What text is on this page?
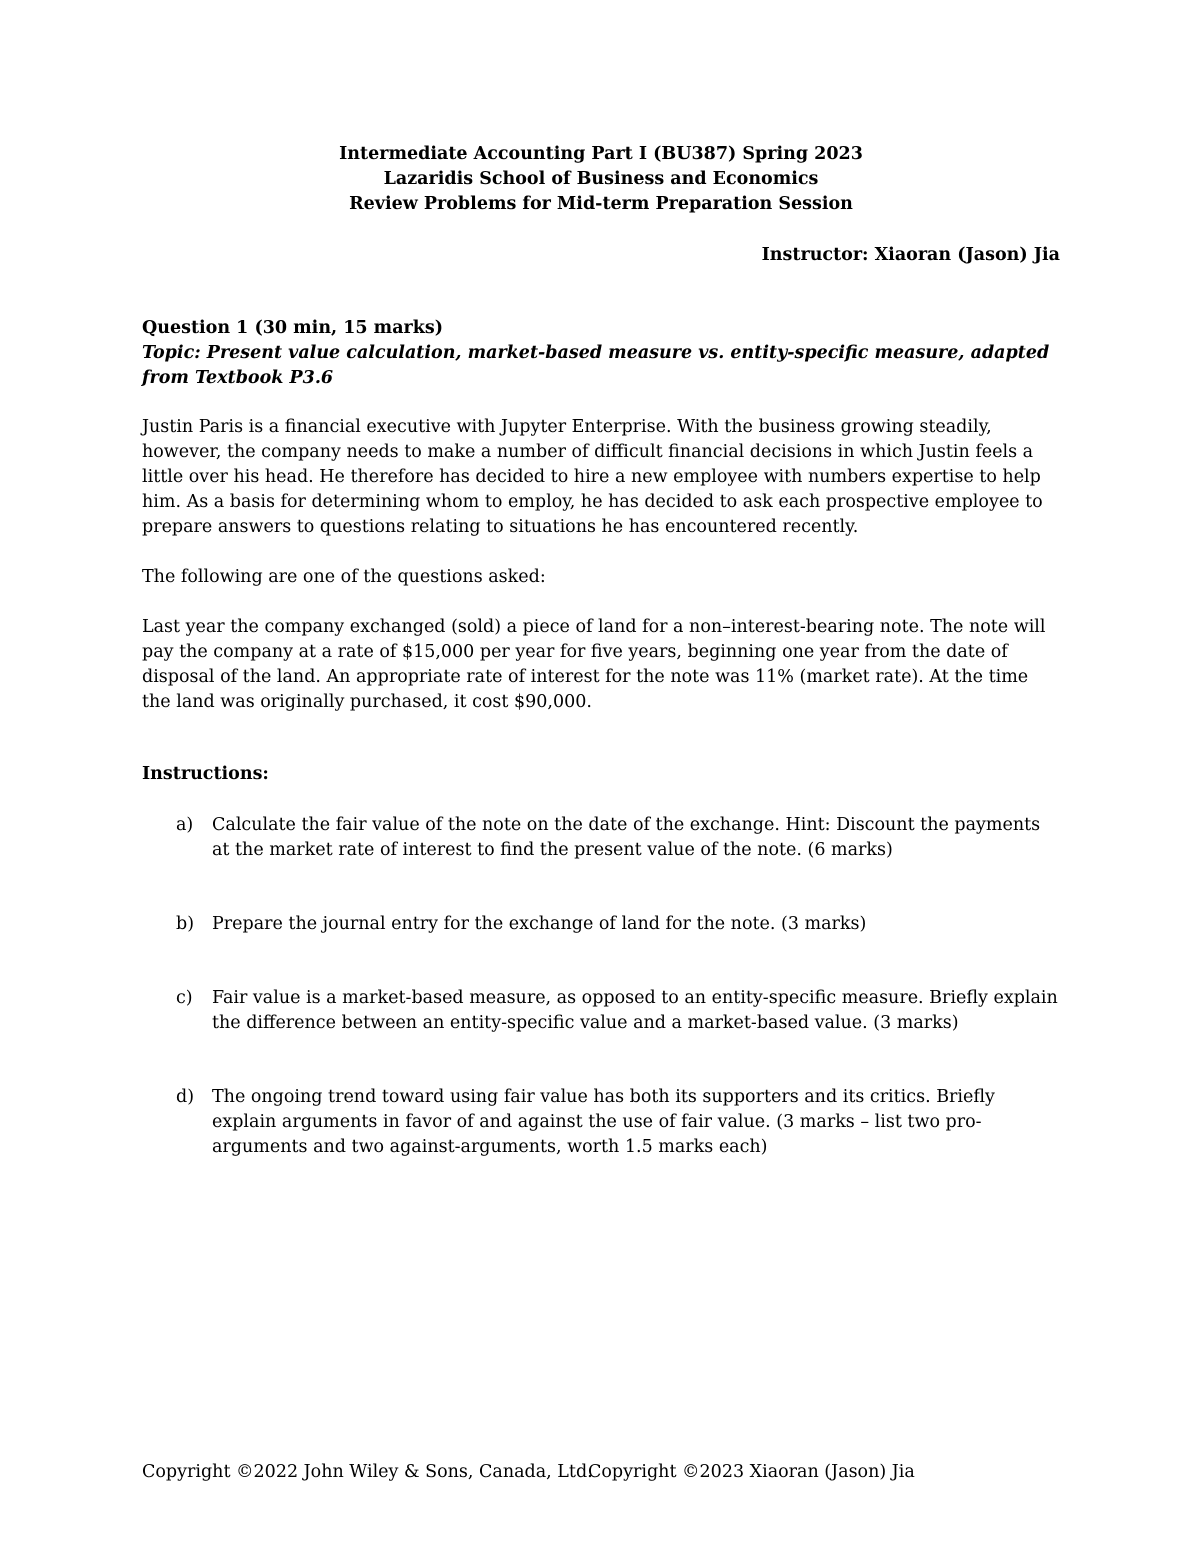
Intermediate Accounting Part I (BU387) Spring 2023
Lazaridis School of Business and Economics
Review Problems for Mid-term Preparation Session
Instructor: Xiaoran (Jason) Jia
Question 1 (30 min, 15 marks)
Topic: Present value calculation, market-based measure vs. entity-specific measure, adapted from Textbook P3.6

Justin Paris is a financial executive with Jupyter Enterprise. With the business growing steadily, however, the company needs to make a number of difficult financial decisions in which Justin feels a little over his head. He therefore has decided to hire a new employee with numbers expertise to help him. As a basis for determining whom to employ, he has decided to ask each prospective employee to prepare answers to questions relating to situations he has encountered recently.

The following are one of the questions asked:

Last year the company exchanged (sold) a piece of land for a non–interest-bearing note. The note will pay the company at a rate of $15,000 per year for five years, beginning one year from the date of disposal of the land. An appropriate rate of interest for the note was 11% (market rate). At the time the land was originally purchased, it cost $90,000.

Instructions:
a) Calculate the fair value of the note on the date of the exchange. Hint: Discount the payments at the market rate of interest to find the present value of the note. (6 marks)
b) Prepare the journal entry for the exchange of land for the note. (3 marks)
c) Fair value is a market-based measure, as opposed to an entity-specific measure. Briefly explain the difference between an entity-specific value and a market-based value. (3 marks)
d) The ongoing trend toward using fair value has both its supporters and its critics. Briefly explain arguments in favor of and against the use of fair value. (3 marks – list two pro-arguments and two against-arguments, worth 1.5 marks each)
Copyright ©2022 John Wiley & Sons, Canada, Ltd.
Copyright ©2023 Xiaoran (Jason) Jia
